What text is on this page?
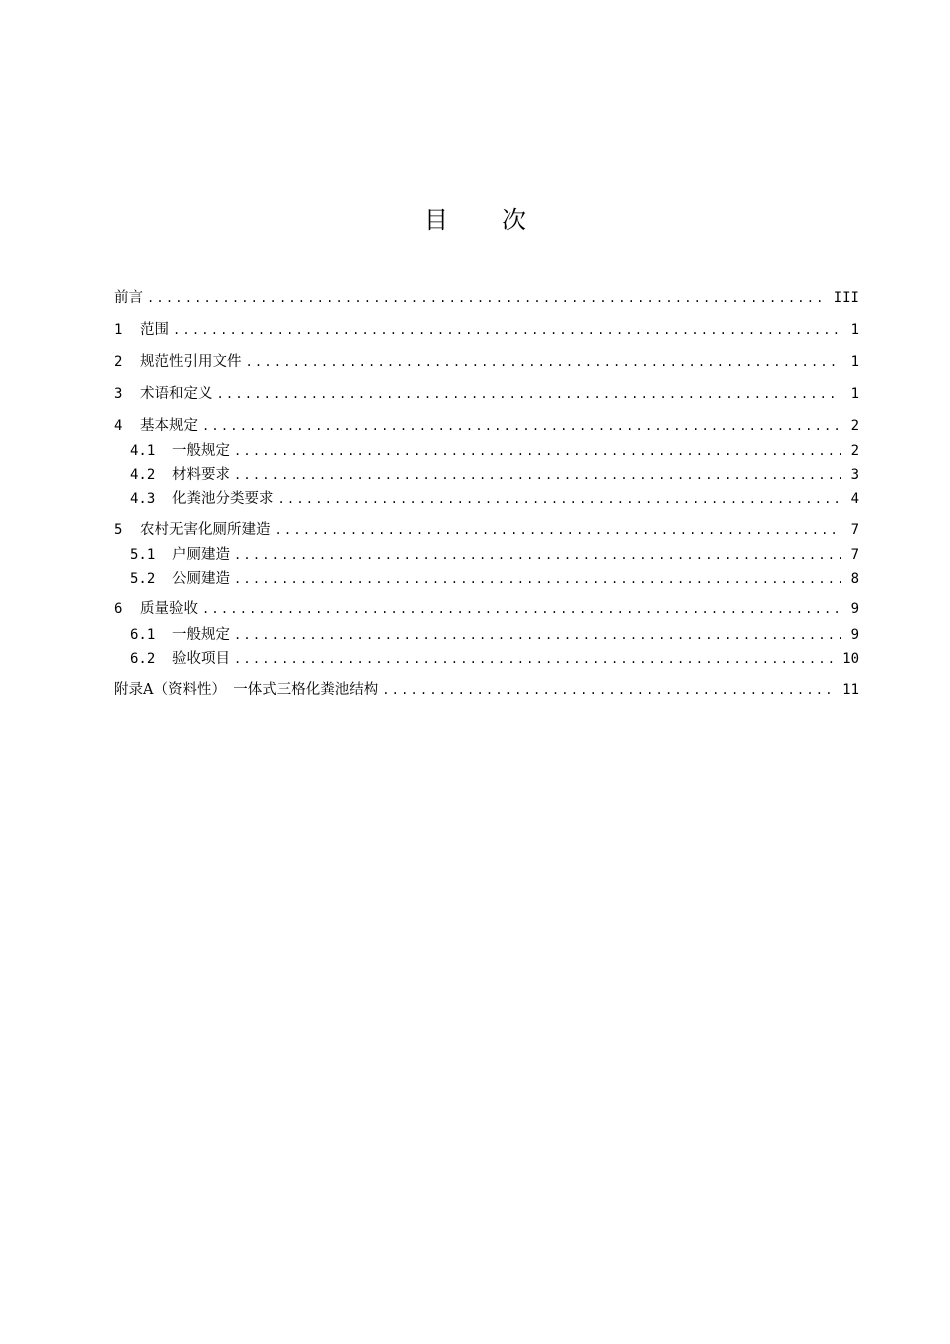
目 次
前言 .....	III
1	范围 .....	1
2	规范性引用文件 .....	1
3	术语和定义 .....	1
4	基本规定 .....	2
4.1	一般规定 .....	2
4.2	材料要求 .....	3
4.3	化粪池分类要求 .....	4
5	农村无害化厕所建造 .....	7
5.1	户厕建造 .....	7
5.2	公厕建造 .....	8
6	质量验收 .....	9
6.1	一般规定 .....	9
6.2	验收项目 .....	10
附录A（资料性）　一体式三格化粪池结构 .....	11
